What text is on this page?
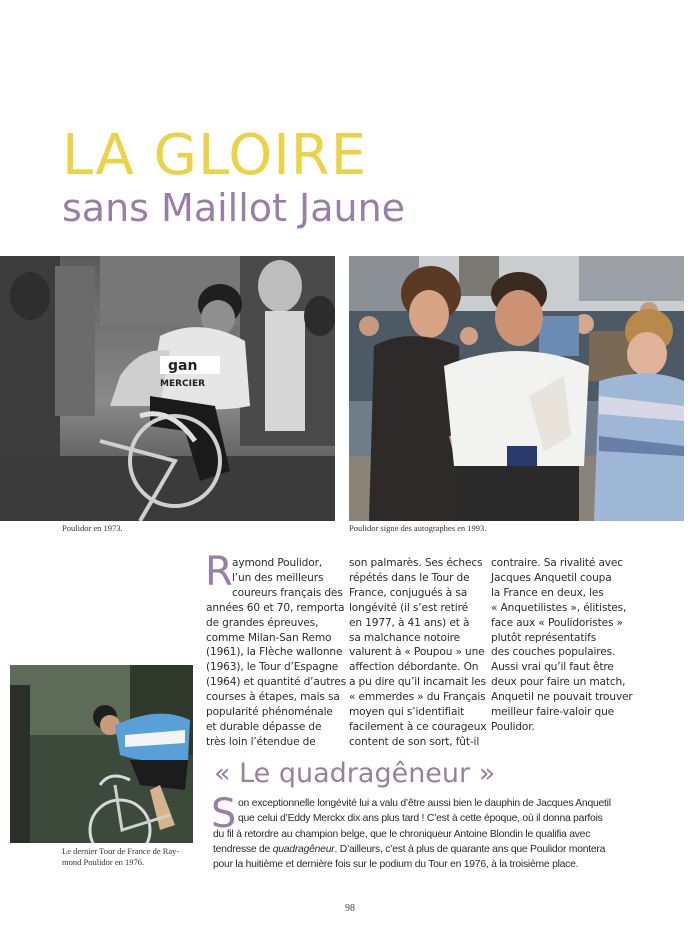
LA GLOIRE
sans Maillot Jaune
gan
MERCIER
Poulidor en 1973.	Poulidor signe des autographes en 1993.
Le dernier Tour de France de Ray-
mond Poulidor en 1976.
R aymond Poulidor,
l’un des meilleurs
coureurs français des
années 60 et 70, remporta
de grandes épreuves,
comme Milan-San Remo
(1961), la Flèche wallonne
(1963), le Tour d’Espagne
(1964) et quantité d’autres
courses à étapes, mais sa
popularité phénoménale
et durable dépasse de
très loin l’étendue de
son palmarès. Ses échecs
répétés dans le Tour de
France, conjugués à sa
longévité (il s’est retiré
en 1977, à 41 ans) et à
sa malchance notoire
valurent à « Poupou » une
affection débordante. On
a pu dire qu’il incarnait les
« emmerdes » du Français
moyen qui s’identifiait
facilement à ce courageux
content de son sort, fût-il
contraire. Sa rivalité avec
Jacques Anquetil coupa
la France en deux, les
« Anquetilistes », élitistes,
face aux « Poulidoristes »
plutôt représentatifs
des couches populaires.
Aussi vrai qu’il faut être
deux pour faire un match,
Anquetil ne pouvait trouver
meilleur faire-valoir que
Poulidor.
« Le quadragêneur »
S on exceptionnelle longévité lui a valu d’être aussi bien le dauphin de Jacques Anquetil
que celui d’Eddy Merckx dix ans plus tard ! C’est à cette époque, où il donna parfois
du fil à retordre au champion belge, que le chroniqueur Antoine Blondin le qualifia avec
tendresse de quadragêneur. D’ailleurs, c’est à plus de quarante ans que Poulidor montera
pour la huitième et dernière fois sur le podium du Tour en 1976, à la troisième place.
98
